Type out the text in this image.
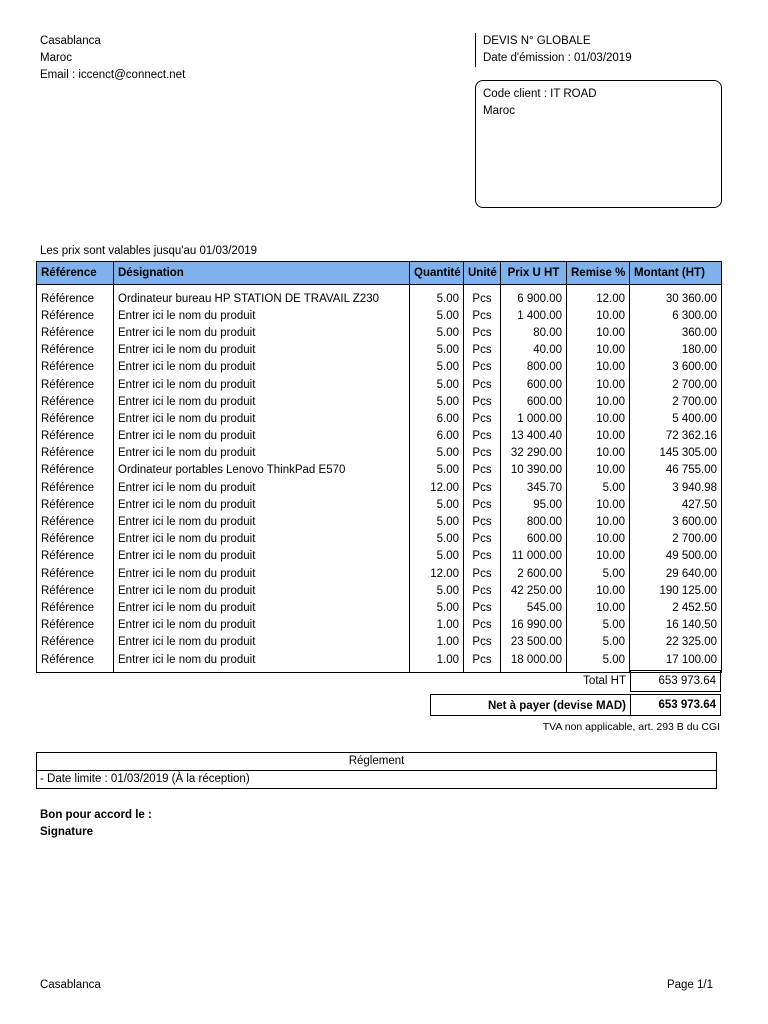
Casablanca
Maroc
Email : iccenct@connect.net
DEVIS N° GLOBALE
Date d'émission : 01/03/2019
Code client : IT ROAD
Maroc
Les prix sont valables jusqu'au 01/03/2019
Référence	Désignation	Quantité	Unité	Prix U HT	Remise %	Montant (HT)

Référence	Ordinateur bureau HP STATION DE TRAVAIL Z230	5.00	Pcs	6 900.00	12.00	30 360.00
Référence	Entrer ici le nom du produit	5.00	Pcs	1 400.00	10.00	6 300.00
Référence	Entrer ici le nom du produit	5.00	Pcs	80.00	10.00	360.00
Référence	Entrer ici le nom du produit	5.00	Pcs	40.00	10.00	180.00
Référence	Entrer ici le nom du produit	5.00	Pcs	800.00	10.00	3 600.00
Référence	Entrer ici le nom du produit	5.00	Pcs	600.00	10.00	2 700.00
Référence	Entrer ici le nom du produit	5.00	Pcs	600.00	10.00	2 700.00
Référence	Entrer ici le nom du produit	6.00	Pcs	1 000.00	10.00	5 400.00
Référence	Entrer ici le nom du produit	6.00	Pcs	13 400.40	10.00	72 362.16
Référence	Entrer ici le nom du produit	5.00	Pcs	32 290.00	10.00	145 305.00
Référence	Ordinateur portables Lenovo ThinkPad E570	5.00	Pcs	10 390.00	10.00	46 755.00
Référence	Entrer ici le nom du produit	12.00	Pcs	345.70	5.00	3 940.98
Référence	Entrer ici le nom du produit	5.00	Pcs	95.00	10.00	427.50
Référence	Entrer ici le nom du produit	5.00	Pcs	800.00	10.00	3 600.00
Référence	Entrer ici le nom du produit	5.00	Pcs	600.00	10.00	2 700.00
Référence	Entrer ici le nom du produit	5.00	Pcs	11 000.00	10.00	49 500.00
Référence	Entrer ici le nom du produit	12.00	Pcs	2 600.00	5.00	29 640.00
Référence	Entrer ici le nom du produit	5.00	Pcs	42 250.00	10.00	190 125.00
Référence	Entrer ici le nom du produit	5.00	Pcs	545.00	10.00	2 452.50
Référence	Entrer ici le nom du produit	1.00	Pcs	16 990.00	5.00	16 140.50
Référence	Entrer ici le nom du produit	1.00	Pcs	23 500.00	5.00	22 325.00
Référence	Entrer ici le nom du produit	1.00	Pcs	18 000.00	5.00	17 100.00
Total HT	653 973.64
Net à payer (devise MAD)	653 973.64
TVA non applicable, art. 293 B du CGI
Réglement
- Date limite : 01/03/2019 (À la réception)
Bon pour accord le :
Signature
Casablanca	Page 1/1
